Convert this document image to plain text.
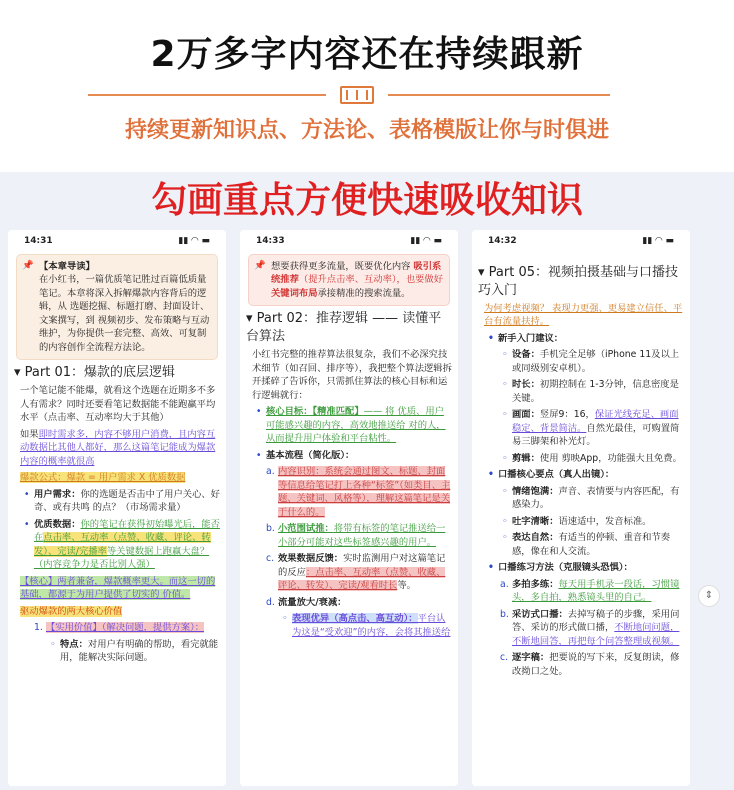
2万多字内容还在持续跟新
持续更新知识点、方法论、表格模版让你与时俱进
勾画重点方便快速吸收知识
14:31	▮▮ ◠ ▬
📌 【本章导读】
在小红书，一篇优质笔记胜过百篇低质量笔记。本章将深入拆解爆款内容背后的逻辑，从 选题挖掘、标题打磨、封面设计、文案撰写，到 视频初步、发布策略与互动维护，为你提供一套完整、高效、可复制的内容创作全流程方法论。
▾ Part 01：爆款的底层逻辑
一个笔记能不能爆，就看这个选题在近期多不多人有需求？同时还要看笔记数据能不能跑赢平均水平（点击率、互动率均大于其他）
如果即时需求多，内容不够用户消费，且内容互动数据比其他人都好，那么这篇笔记能成为爆款内容的概率就很高
爆款公式：爆款 = 用户需求 X 优质数据
• 用户需求：你的选题是否击中了用户关心、好奇、或有共鸣 的点？（市场需求量）
• 优质数据：你的笔记在获得初始曝光后，能否在点击率、互动率（点赞、收藏、评论、转发）、完读/完播率等关键数据上跑赢大盘？（内容竞争力是否比别人强）
【核心】两者兼备，爆款概率更大。而这一切的基础，都源于为用户提供了切实的 价值。
驱动爆款的两大核心价值
1. 【实用价值】（解决问题，提供方案）：
◦ 特点：对用户有明确的帮助，看完就能用，能解决实际问题。
14:33	▮▮ ◠ ▬
📌 想要获得更多流量，既要优化内容 吸引系统推荐（提升点击率、互动率），也要做好关键词布局承接精准的搜索流量。
▾ Part 02：推荐逻辑 —— 读懂平台算法
小红书完整的推荐算法很复杂，我们不必深究技术细节（如召回、排序等），我把整个算法逻辑拆开揉碎了告诉你，只需抓住算法的核心目标和运行逻辑就行：
• 核心目标：【精准匹配】—— 将 优质、用户可能感兴趣的内容，高效地推送给 对的人，从而提升用户体验和平台粘性。
• 基本流程（简化版）：
a. 内容识别：系统会通过图文、标题、封面等信息给笔记打上各种“标签”（如类目、主题、关键词、风格等），理解这篇笔记是关于什么的。
b. 小范围试推：将带有标签的笔记推送给一小部分可能对这些标签感兴趣的用户。
c. 效果数据反馈：实时监测用户对这篇笔记的反应：点击率、互动率（点赞、收藏、评论、转发）、完读/观看时长等。
d. 流量放大/衰减：
◦ 表现优异（高点击、高互动）：平台认为这是“受欢迎”的内容，会将其推送给
14:32	▮▮ ◠ ▬
▾ Part 05：视频拍摄基础与口播技巧入门
为何考虑视频？ 表现力更强、更易建立信任、平台有流量扶持。
• 新手入门建议：
◦ 设备：手机完全足够（iPhone 11及以上或同级别安卓机）。
◦ 时长：初期控制在 1-3分钟，信息密度是关键。
◦ 画面：竖屏9：16，保证光线充足、画面稳定、背景简洁。自然光最佳，可购置简易三脚架和补光灯。
◦ 剪辑：使用 剪映App，功能强大且免费。
• 口播核心要点（真人出镜）：
◦ 情绪饱满：声音、表情要与内容匹配，有感染力。
◦ 吐字清晰：语速适中，发音标准。
◦ 表达自然：有适当的停顿、重音和节奏感，像在和人交流。
• 口播练习方法（克服镜头恐惧）：
a. 多拍多练：每天用手机录一段话，习惯镜头，多自拍，熟悉镜头里的自己。
b. 采访式口播：去掉写稿子的步骤，采用问答、采访的形式做口播，不断地问问题，不断地回答，再把每个问答整理成视频。
c. 逐字稿：把要说的写下来，反复朗读，修改拗口之处。
⇕
